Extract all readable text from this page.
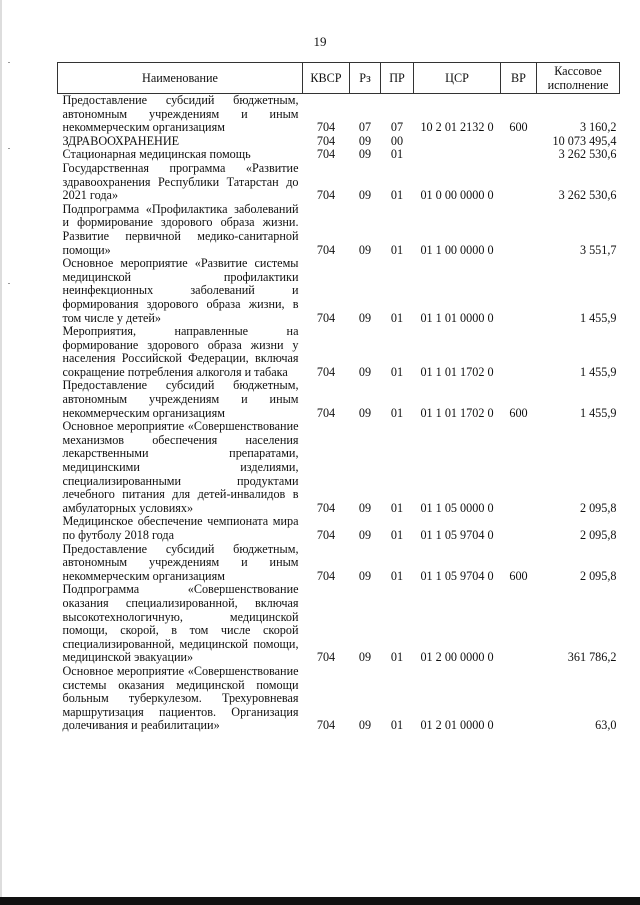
19
Наименование	КВСР	Рз	ПР	ЦСР	ВР	Кассовое исполнение
Предоставление субсидий бюджетным, автономным учреждениям и иным некоммерческим организациям	704	07	07	10 2 01 2132 0	600	3 160,2
ЗДРАВООХРАНЕНИЕ	704	09	00			10 073 495,4
Стационарная медицинская помощь	704	09	01			3 262 530,6
Государственная программа «Развитие здравоохранения Республики Татарстан до 2021 года»	704	09	01	01 0 00 0000 0		3 262 530,6
Подпрограмма «Профилактика заболеваний и формирование здорового образа жизни. Развитие первичной медико-санитарной помощи»	704	09	01	01 1 00 0000 0		3 551,7
Основное мероприятие «Развитие системы медицинской профилактики неинфекционных заболеваний и формирования здорового образа жизни, в том числе у детей»	704	09	01	01 1 01 0000 0		1 455,9
Мероприятия, направленные на формирование здорового образа жизни у населения Российской Федерации, включая сокращение потребления алкоголя и табака	704	09	01	01 1 01 1702 0		1 455,9
Предоставление субсидий бюджетным, автономным учреждениям и иным некоммерческим организациям	704	09	01	01 1 01 1702 0	600	1 455,9
Основное мероприятие «Совершенствование механизмов обеспечения населения лекарственными препаратами, медицинскими изделиями, специализированными продуктами лечебного питания для детей-инвалидов в амбулаторных условиях»	704	09	01	01 1 05 0000 0		2 095,8
Медицинское обеспечение чемпионата мира по футболу 2018 года	704	09	01	01 1 05 9704 0		2 095,8
Предоставление субсидий бюджетным, автономным учреждениям и иным некоммерческим организациям	704	09	01	01 1 05 9704 0	600	2 095,8
Подпрограмма «Совершенствование оказания специализированной, включая высокотехнологичную, медицинской помощи, скорой, в том числе скорой специализированной, медицинской помощи, медицинской эвакуации»	704	09	01	01 2 00 0000 0		361 786,2
Основное мероприятие «Совершенствование системы оказания медицинской помощи больным туберкулезом. Трехуровневая маршрутизация пациентов. Организация долечивания и реабилитации»	704	09	01	01 2 01 0000 0		63,0
